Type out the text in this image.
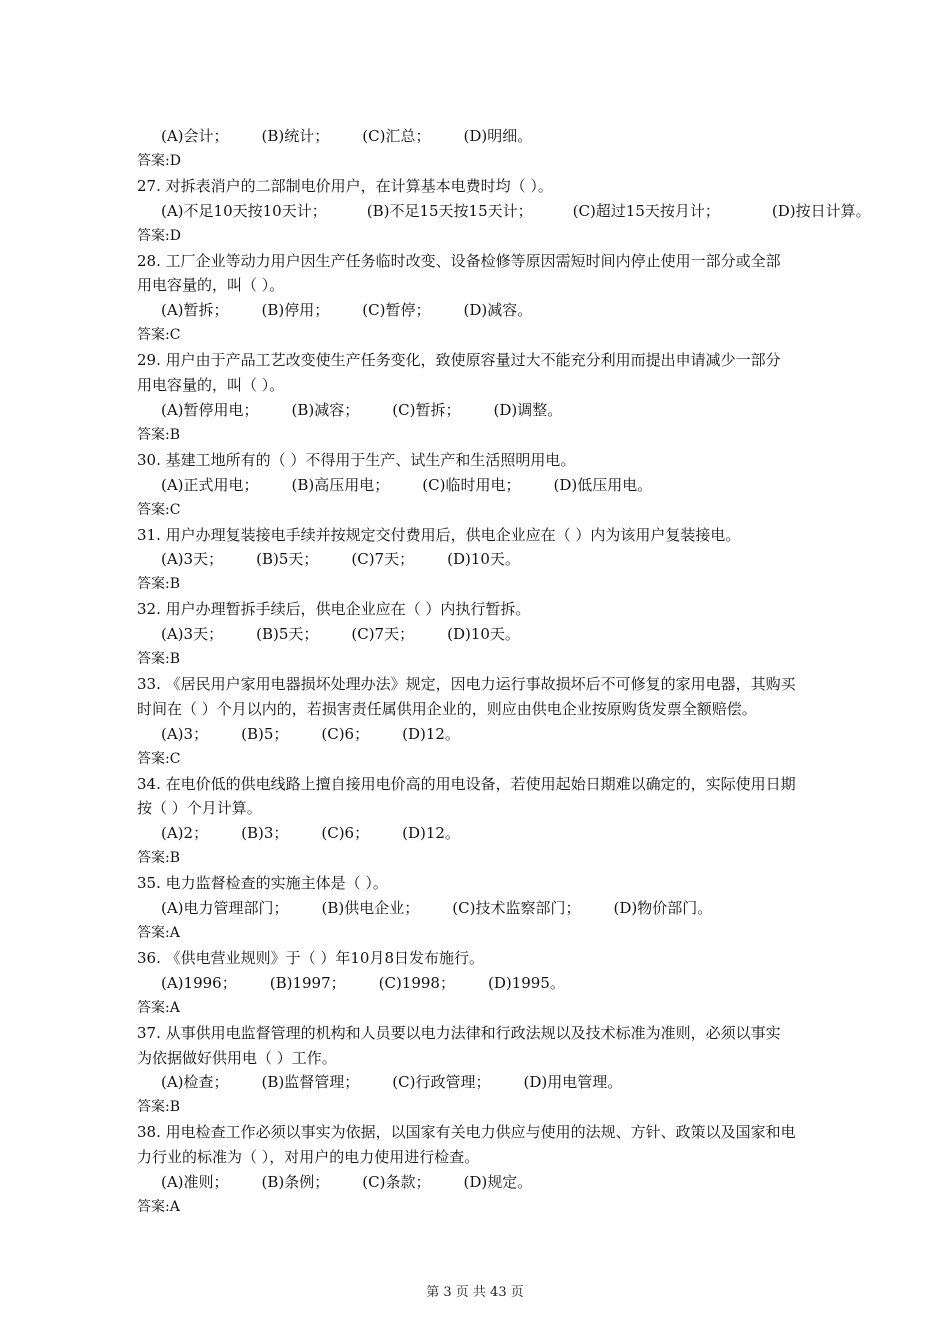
(A)会计； (B)统计； (C)汇总； (D)明细。
答案:D
27. 对拆表消户的二部制电价用户，在计算基本电费时均（ ）。
(A)不足10天按10天计；	(B)不足15天按15天计；	(C)超过15天按月计；	(D)按日计算。
答案:D
28. 工厂企业等动力用户因生产任务临时改变、设备检修等原因需短时间内停止使用一部分或全部
用电容量的，叫（ ）。
(A)暂拆； (B)停用； (C)暂停； (D)减容。
答案:C
29. 用户由于产品工艺改变使生产任务变化，致使原容量过大不能充分利用而提出申请减少一部分
用电容量的，叫（ ）。
(A)暂停用电； (B)减容； (C)暂拆； (D)调整。
答案:B
30. 基建工地所有的（ ）不得用于生产、试生产和生活照明用电。
(A)正式用电； (B)高压用电； (C)临时用电； (D)低压用电。
答案:C
31. 用户办理复装接电手续并按规定交付费用后，供电企业应在（ ）内为该用户复装接电。
(A)3天； (B)5天； (C)7天； (D)10天。
答案:B
32. 用户办理暂拆手续后，供电企业应在（ ）内执行暂拆。
(A)3天； (B)5天； (C)7天； (D)10天。
答案:B
33. 《居民用户家用电器损坏处理办法》规定，因电力运行事故损坏后不可修复的家用电器，其购买
时间在（ ）个月以内的，若损害责任属供用企业的，则应由供电企业按原购货发票全额赔偿。
(A)3； (B)5； (C)6； (D)12。
答案:C
34. 在电价低的供电线路上擅自接用电价高的用电设备，若使用起始日期难以确定的，实际使用日期
按（ ）个月计算。
(A)2； (B)3； (C)6； (D)12。
答案:B
35. 电力监督检查的实施主体是（ ）。
(A)电力管理部门； (B)供电企业； (C)技术监察部门； (D)物价部门。
答案:A
36. 《供电营业规则》于（ ）年10月8日发布施行。
(A)1996； (B)1997； (C)1998； (D)1995。
答案:A
37. 从事供用电监督管理的机构和人员要以电力法律和行政法规以及技术标准为准则，必须以事实
为依据做好供用电（ ）工作。
(A)检查； (B)监督管理； (C)行政管理； (D)用电管理。
答案:B
38. 用电检查工作必须以事实为依据，以国家有关电力供应与使用的法规、方针、政策以及国家和电
力行业的标准为（ ），对用户的电力使用进行检查。
(A)准则； (B)条例； (C)条款； (D)规定。
答案:A
第 3 页 共 43 页
